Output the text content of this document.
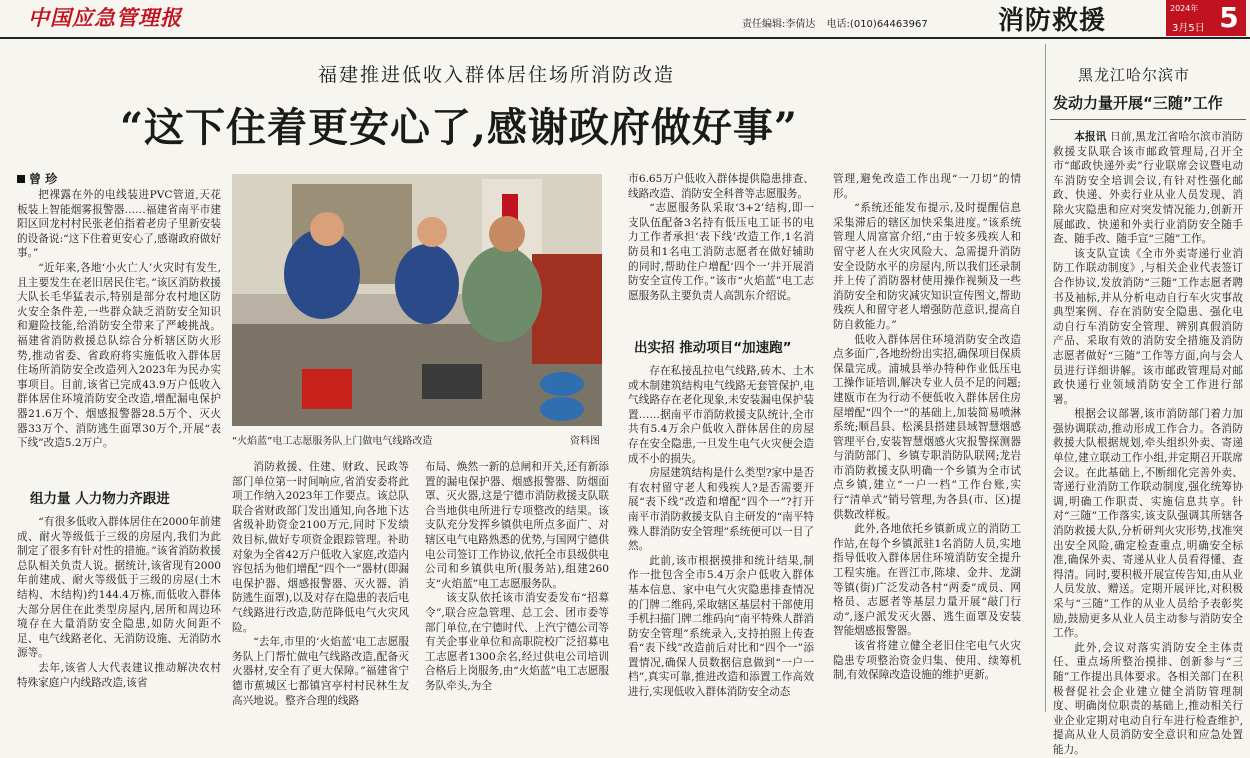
中国应急管理报	责任编辑:李倩达 电话:(010)64463967	消防救援	2024年
3月5日 5
福建推进低收入群体居住场所消防改造
“这下住着更安心了,感谢政府做好事”
曾 珍

把裸露在外的电线装进PVC管道,天花板装上智能烟雾报警器……福建省南平市建阳区回龙村村民张老伯指着老房子里新安装的设备说:“这下住着更安心了,感谢政府做好事。”

“近年来,各地‘小火亡人’火灾时有发生,且主要发生在老旧居民住宅。”该区消防救援大队长毛华猛表示,特别是部分农村地区防火安全条件差,一些群众缺乏消防安全知识和避险技能,给消防安全带来了严峻挑战。福建省消防救援总队综合分析辖区防火形势,推动省委、省政府将实施低收入群体居住场所消防安全改造列入2023年为民办实事项目。目前,该省已完成43.9万户低收入群体居住环境消防安全改造,增配漏电保护器21.6万个、烟感报警器28.5万个、灭火器33万个、消防逃生面罩30万个,开展“表下线”改造5.2万户。

组力量 人力物力齐跟进

“有很多低收入群体居住在2000年前建成、耐火等级低于三级的房屋内,我们为此制定了很多有针对性的措施。”该省消防救援总队相关负责人说。据统计,该省现有2000年前建成、耐火等级低于三级的房屋(土木结构、木结构)约144.4万栋,而低收入群体大部分居住在此类型房屋内,居所和周边环境存在大量消防安全隐患,如防火间距不足、电气线路老化、无消防设施、无消防水源等。

去年,该省人大代表建议推动解决农村特殊家庭户内线路改造,该省

“火焰蓝”电工志愿服务队上门做电气线路改造	资料图

消防救援、住建、财政、民政等部门单位第一时间响应,省消安委将此项工作纳入2023年工作要点。该总队联合省财政部门发出通知,向各地下达省级补助资金2100万元,同时下发绩效目标,做好专项资金跟踪管理。补助对象为全省42万户低收入家庭,改造内容包括为他们增配“四个一”器材(即漏电保护器、烟感报警器、灭火器、消防逃生面罩),以及对存在隐患的表后电气线路进行改造,防范降低电气火灾风险。

“去年,市里的‘火焰蓝’电工志愿服务队上门帮忙做电气线路改造,配备灭火器材,安全有了更大保障。”福建省宁德市蕉城区七都镇宫亭村村民林生友高兴地说。整齐合理的线路

布局、焕然一新的总闸和开关,还有新添置的漏电保护器、烟感报警器、防烟面罩、灭火器,这是宁德市消防救援支队联合当地供电所进行专项整改的结果。该支队充分发挥乡镇供电所点多面广、对辖区电气电路熟悉的优势,与国网宁德供电公司签订工作协议,依托全市县级供电公司和乡镇供电所(服务站),组建260支“火焰蓝”电工志愿服务队。

该支队依托该市消安委发布“招募令”,联合应急管理、总工会、团市委等部门单位,在宁德时代、上汽宁德公司等有关企事业单位和高职院校广泛招募电工志愿者1300余名,经过供电公司培训合格后上岗服务,由“火焰蓝”电工志愿服务队牵头,为全

市6.65万户低收入群体提供隐患排查、线路改造、消防安全科普等志愿服务。

“志愿服务队采取‘3+2’结构,即一支队伍配备3名持有低压电工证书的电力工作者承担‘表下线’改造工作,1名消防员和1名电工消防志愿者在做好辅助的同时,帮助住户增配‘四个一’并开展消防安全宣传工作。”该市“火焰蓝”电工志愿服务队主要负责人高凯东介绍说。

出实招 推动项目“加速跑”

存在私接乱拉电气线路,砖木、土木或木制建筑结构电气线路无套管保护,电气线路存在老化现象,未安装漏电保护装置……据南平市消防救援支队统计,全市共有5.4万余户低收入群体居住的房屋存在安全隐患,一旦发生电气火灾便会造成不小的损失。

房屋建筑结构是什么类型?家中是否有农村留守老人和残疾人?是否需要开展“表下线”改造和增配“四个一”?打开南平市消防救援支队自主研发的“南平特殊人群消防安全管理”系统便可以一目了然。

此前,该市根据摸排和统计结果,制作一批包含全市5.4万余户低收入群体基本信息、家中电气火灾隐患排查情况的门牌二维码,采取辖区基层村干部使用手机扫描门牌二维码向“南平特殊人群消防安全管理”系统录入,支持拍照上传查看“表下线”改造前后对比和“四个一”添置情况,确保人员数据信息做到“一户一档”,真实可靠,推进改造和添置工作高效进行,实现低收入群体消防安全动态

管理,避免改造工作出现“一刀切”的情形。

“系统还能发布提示,及时提醒信息采集滞后的辖区加快采集进度。”该系统管理人周富富介绍,“由于较多残疾人和留守老人在火灾风险大、急需提升消防安全设防水平的房屋内,所以我们还录制并上传了消防器材使用操作视频及一些消防安全和防灾减灾知识宣传图文,帮助残疾人和留守老人增强防范意识,提高自防自救能力。”

低收入群体居住环境消防安全改造点多面广,各地纷纷出实招,确保项目保质保量完成。浦城县举办特种作业低压电工操作证培训,解决专业人员不足的问题;建瓯市在为行动不便低收入群体居住房屋增配“四个一”的基础上,加装简易喷淋系统;顺昌县、松溪县搭建县域智慧烟感管理平台,安装智慧烟感火灾报警探测器与消防部门、乡镇专职消防队联网;龙岩市消防救援支队明确一个乡镇为全市试点乡镇,建立“一户一档”工作台账,实行“清单式”销号管理,为各县(市、区)提供数改样板。

此外,各地依托乡镇新成立的消防工作站,在每个乡镇派驻1名消防人员,实地指导低收入群体居住环境消防安全提升工程实施。在晋江市,陈埭、金井、龙湖等镇(街)广泛发动各村“两委”成员、网格员、志愿者等基层力量开展“敲门行动”,逐户派发灭火器、逃生面罩及安装智能烟感报警器。

该省将建立健全老旧住宅电气火灾隐患专项整治资金归集、使用、续筹机制,有效保障改造设施的维护更新。

黑龙江哈尔滨市
发动力量开展“三随”工作

本报讯 日前,黑龙江省哈尔滨市消防救援支队联合该市邮政管理局,召开全市“邮政快递外卖”行业联席会议暨电动车消防安全培训会议,有针对性强化邮政、快递、外卖行业从业人员发现、消除火灾隐患和应对突发情况能力,创新开展邮政、快递和外卖行业消防安全随手查、随手改、随手宣“三随”工作。

该支队宣读《全市外卖寄递行业消防工作联动制度》,与相关企业代表签订合作协议,发放消防“三随”工作志愿者聘书及袖标,并从分析电动自行车火灾事故典型案例、存在消防安全隐患、强化电动自行车消防安全管理、辨别真假消防产品、采取有效的消防安全措施及消防志愿者做好“三随”工作等方面,向与会人员进行详细讲解。该市邮政管理局对邮政快递行业领域消防安全工作进行部署。

根据会议部署,该市消防部门着力加强协调联动,推动形成工作合力。各消防救援大队根据规划,牵头组织外卖、寄递单位,建立联动工作小组,并定期召开联席会议。在此基础上,不断细化完善外卖、寄递行业消防工作联动制度,强化统筹协调,明确工作职责、实施信息共享。针对“三随”工作落实,该支队强调其所辖各消防救援大队,分析研判火灾形势,找准突出安全风险,确定检查重点,明确安全标准,确保外卖、寄递从业人员看得懂、查得清。同时,要积极开展宣传告知,由从业人员发放、赠送。定期开展评比,对积极采与“三随”工作的从业人员给予表彰奖励,鼓励更多从业人员主动参与消防安全工作。

此外,会议对落实消防安全主体责任、重点场所整治摸排、创新参与“三随”工作提出具体要求。各相关部门在积极督促社会企业建立健全消防管理制度、明确岗位职责的基础上,推动相关行业企业定期对电动自行车进行检查维护,提高从业人员消防安全意识和应急处置能力。
